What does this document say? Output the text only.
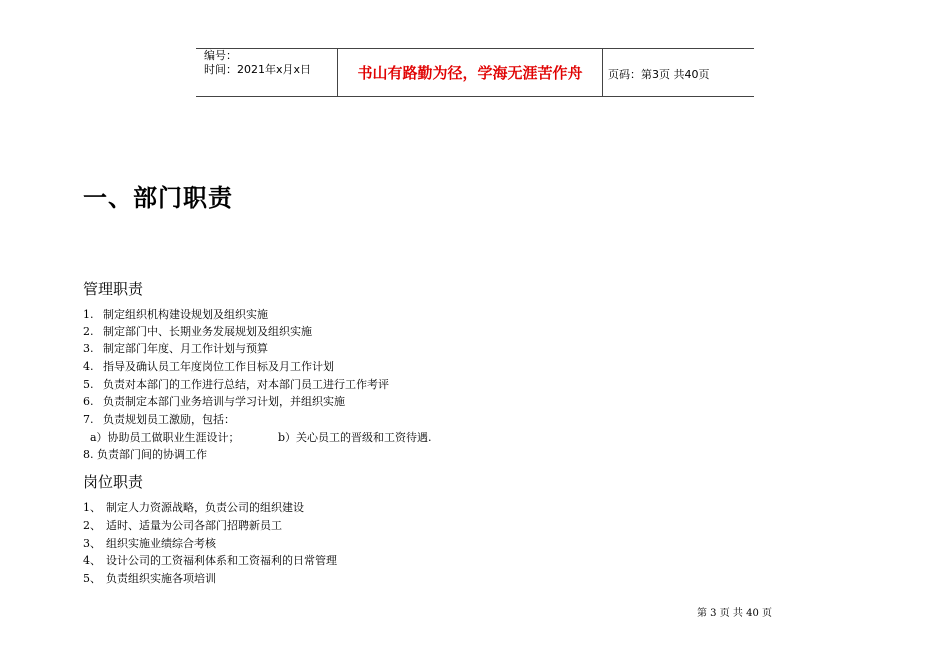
编号：
时间：2021年x月x日	书山有路勤为径，学海无涯苦作舟	页码：第3页 共40页
一、部门职责
管理职责
1. 制定组织机构建设规划及组织实施
2. 制定部门中、长期业务发展规划及组织实施
3. 制定部门年度、月工作计划与预算
4. 指导及确认员工年度岗位工作目标及月工作计划
5. 负责对本部门的工作进行总结，对本部门员工进行工作考评
6. 负责制定本部门业务培训与学习计划，并组织实施
7. 负责规划员工激励，包括：
a）协助员工做职业生涯设计；	b）关心员工的晋级和工资待遇.
8. 负责部门间的协调工作
岗位职责
1、 制定人力资源战略，负责公司的组织建设
2、 适时、适量为公司各部门招聘新员工
3、 组织实施业绩综合考核
4、 设计公司的工资福利体系和工资福利的日常管理
5、 负责组织实施各项培训
第 3 页 共 40 页
